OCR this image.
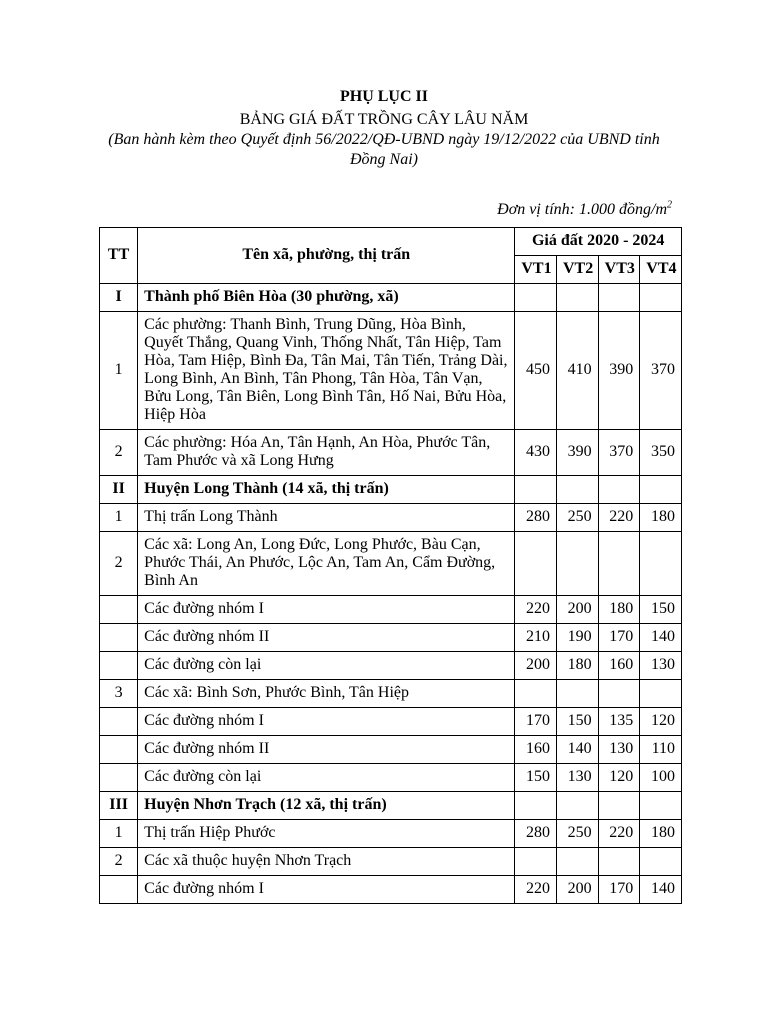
PHỤ LỤC II
BẢNG GIÁ ĐẤT TRỒNG CÂY LÂU NĂM
(Ban hành kèm theo Quyết định 56/2022/QĐ-UBND ngày 19/12/2022 của UBND tỉnh Đồng Nai)
Đơn vị tính: 1.000 đồng/$m^2$
TT	Tên xã, phường, thị trấn	Giá đất 2020 - 2024			
		VT1	VT2	VT3	VT4
I	Thành phố Biên Hòa (30 phường, xã)				
1	Các phường: Thanh Bình, Trung Dũng, Hòa Bình, Quyết Thắng, Quang Vinh, Thống Nhất, Tân Hiệp, Tam Hòa, Tam Hiệp, Bình Đa, Tân Mai, Tân Tiến, Trảng Dài, Long Bình, An Bình, Tân Phong, Tân Hòa, Tân Vạn, Bửu Long, Tân Biên, Long Bình Tân, Hố Nai, Bửu Hòa, Hiệp Hòa	450	410	390	370
2	Các phường: Hóa An, Tân Hạnh, An Hòa, Phước Tân, Tam Phước và xã Long Hưng	430	390	370	350
II	Huyện Long Thành (14 xã, thị trấn)				
1	Thị trấn Long Thành	280	250	220	180
2	Các xã: Long An, Long Đức, Long Phước, Bàu Cạn, Phước Thái, An Phước, Lộc An, Tam An, Cẩm Đường, Bình An				
	Các đường nhóm I	220	200	180	150
	Các đường nhóm II	210	190	170	140
	Các đường còn lại	200	180	160	130
3	Các xã: Bình Sơn, Phước Bình, Tân Hiệp				
	Các đường nhóm I	170	150	135	120
	Các đường nhóm II	160	140	130	110
	Các đường còn lại	150	130	120	100
III	Huyện Nhơn Trạch (12 xã, thị trấn)				
1	Thị trấn Hiệp Phước	280	250	220	180
2	Các xã thuộc huyện Nhơn Trạch				
	Các đường nhóm I	220	200	170	140
